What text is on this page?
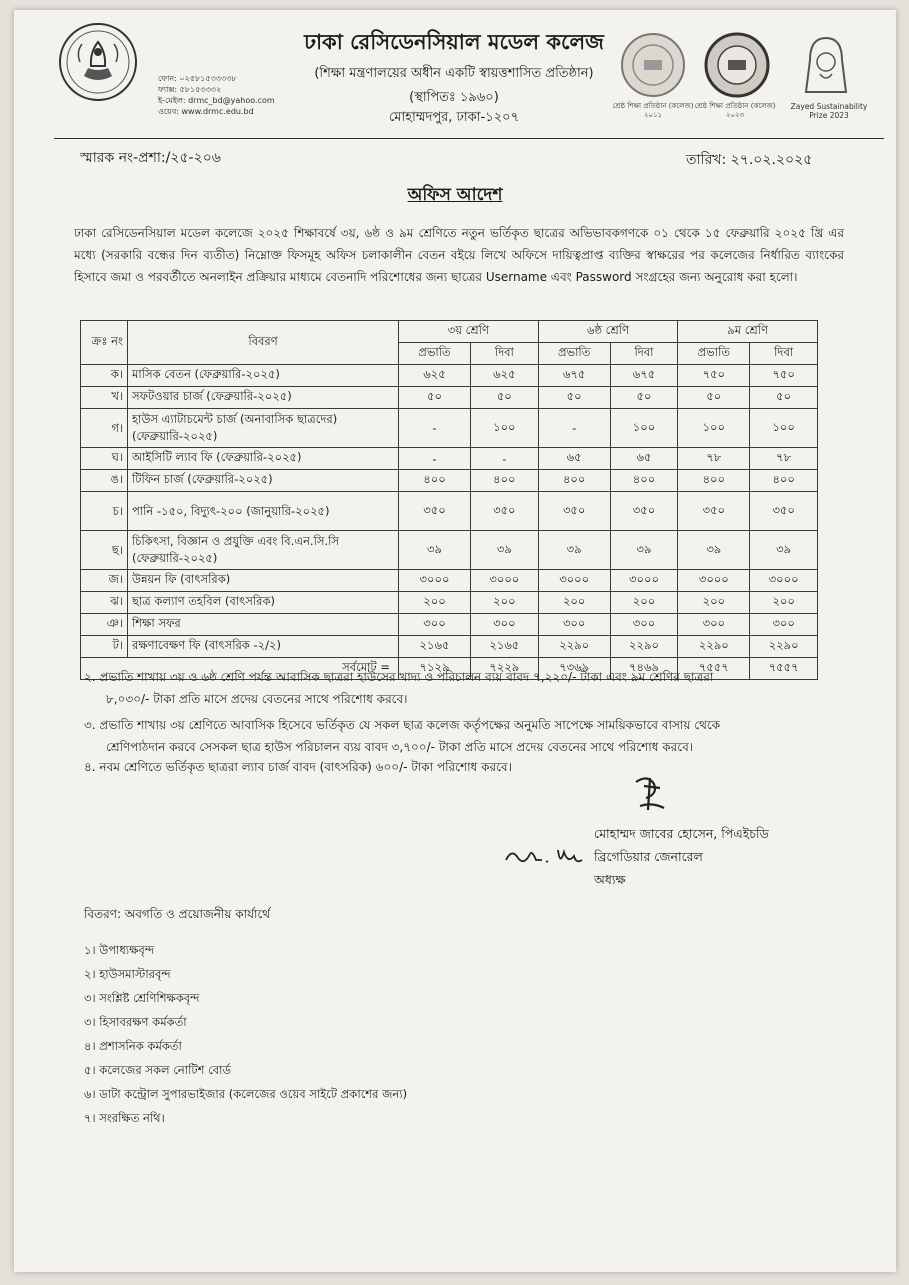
ফোন: ০২৫৮১৫৩৩৩৩৮
ফ্যাক্স: ৫৮১৫৩৩৩২
ই-মেইল: drmc_bd@yahoo.com
ওয়েব: www.drmc.edu.bd
ঢাকা রেসিডেনসিয়াল মডেল কলেজ
(শিক্ষা মন্ত্রণালয়ের অধীন একটি স্বায়ত্তশাসিত প্রতিষ্ঠান)
(স্থাপিতঃ ১৯৬০)
মোহাম্মদপুর, ঢাকা-১২০৭
শ্রেষ্ঠ শিক্ষা প্রতিষ্ঠান (কলেজ) ২০১১
শ্রেষ্ঠ শিক্ষা প্রতিষ্ঠান (কলেজ) ২০২৩
Zayed Sustainability Prize 2023
স্মারক নং-প্রশা:/২৫-২০৬	তারিখ: ২৭.০২.২০২৫
অফিস আদেশ
ঢাকা রেসিডেনসিয়াল মডেল কলেজে ২০২৫ শিক্ষাবর্ষে ৩য়, ৬ষ্ঠ ও ৯ম শ্রেণিতে নতুন ভর্তিকৃত ছাত্রের অভিভাবকগণকে ০১ থেকে ১৫ ফেব্রুয়ারি ২০২৫ খ্রি এর মধ্যে (সরকারি বন্ধের দিন ব্যতীত) নিম্নোক্ত ফিসমূহ অফিস চলাকালীন বেতন বইয়ে লিখে অফিসে দায়িত্বপ্রাপ্ত ব্যক্তির স্বাক্ষরের পর কলেজের নির্ধারিত ব্যাংকের হিসাবে জমা ও পরবর্তীতে অনলাইন প্রক্রিয়ার মাধ্যমে বেতনাদি পরিশোধের জন্য ছাত্রের Username এবং Password সংগ্রহের জন্য অনুরোধ করা হলো।
ক্রঃ নং	বিবরণ	৩য় শ্রেণি		৬ষ্ঠ শ্রেণি		৯ম শ্রেণি	
		প্রভাতি	দিবা	প্রভাতি	দিবা	প্রভাতি	দিবা
ক।	মাসিক বেতন (ফেব্রুয়ারি-২০২৫)	৬২৫	৬২৫	৬৭৫	৬৭৫	৭৫০	৭৫০
খ।	সফটওয়ার চার্জ (ফেব্রুয়ারি-২০২৫)	৫০	৫০	৫০	৫০	৫০	৫০
গ।	হাউস এ্যাটাচমেন্ট চার্জ (অনাবাসিক ছাত্রদের) (ফেব্রুয়ারি-২০২৫)	-	১০০	-	১০০	১০০	১০০
ঘ।	আইসিটি ল্যাব ফি (ফেব্রুয়ারি-২০২৫)	-	-	৬৫	৬৫	৭৮	৭৮
ঙ।	টিফিন চার্জ (ফেব্রুয়ারি-২০২৫)	৪০০	৪০০	৪০০	৪০০	৪০০	৪০০
চ।	পানি -১৫০, বিদ্যুৎ-২০০ (জানুয়ারি-২০২৫)	৩৫০	৩৫০	৩৫০	৩৫০	৩৫০	৩৫০
ছ।	চিকিৎসা, বিজ্ঞান ও প্রযুক্তি এবং বি.এন.সি.সি (ফেব্রুয়ারি-২০২৫)	৩৯	৩৯	৩৯	৩৯	৩৯	৩৯
জ।	উন্নয়ন ফি (বাৎসরিক)	৩০০০	৩০০০	৩০০০	৩০০০	৩০০০	৩০০০
ঝ।	ছাত্র কল্যাণ তহবিল (বাৎসরিক)	২০০	২০০	২০০	২০০	২০০	২০০
ঞ।	শিক্ষা সফর	৩০০	৩০০	৩০০	৩০০	৩০০	৩০০
ট।	রক্ষণাবেক্ষণ ফি (বাৎসরিক -২/২)	২১৬৫	২১৬৫	২২৯০	২২৯০	২২৯০	২২৯০
সর্বমোট =		৭১২৯	৭২২৯	৭৩৬৯	৭৪৬৯	৭৫৫৭	৭৫৫৭
২. প্রভাতি শাখায় ৩য় ও ৬ষ্ঠ শ্রেণি পর্যন্ত আবাসিক ছাত্ররা হাউসের খাদ্য ও পরিচালন ব্যয় বাবদ ৭,২২০/- টাকা এবং ৯ম শ্রেণির ছাত্ররা
৮,০৩০/- টাকা প্রতি মাসে প্রদেয় বেতনের সাথে পরিশোধ করবে।
৩. প্রভাতি শাখায় ৩য় শ্রেণিতে আবাসিক হিসেবে ভর্তিকৃত যে সকল ছাত্র কলেজ কর্তৃপক্ষের অনুমতি সাপেক্ষে সাময়িকভাবে বাসায় থেকে
শ্রেণিপাঠদান করবে সেসকল ছাত্র হাউস পরিচালন ব্যয় বাবদ ৩,৭০০/- টাকা প্রতি মাসে প্রদেয় বেতনের সাথে পরিশোধ করবে।
৪. নবম শ্রেণিতে ভর্তিকৃত ছাত্ররা ল্যাব চার্জ বাবদ (বাৎসরিক) ৬০০/- টাকা পরিশোধ করবে।
মোহাম্মদ জাবের হোসেন, পিএইচডি
ব্রিগেডিয়ার জেনারেল
অধ্যক্ষ
বিতরণ: অবগতি ও প্রয়োজনীয় কার্যার্থে
১। উপাধ্যক্ষবৃন্দ
২। হাউসমাস্টারবৃন্দ
৩। সংশ্লিষ্ট শ্রেণিশিক্ষকবৃন্দ
৩। হিসাবরক্ষণ কর্মকর্তা
৪। প্রশাসনিক কর্মকর্তা
৫। কলেজের সকল নোটিশ বোর্ড
৬। ডাটা কন্ট্রোল সুপারভাইজার (কলেজের ওয়েব সাইটে প্রকাশের জন্য)
৭। সংরক্ষিত নথি।
